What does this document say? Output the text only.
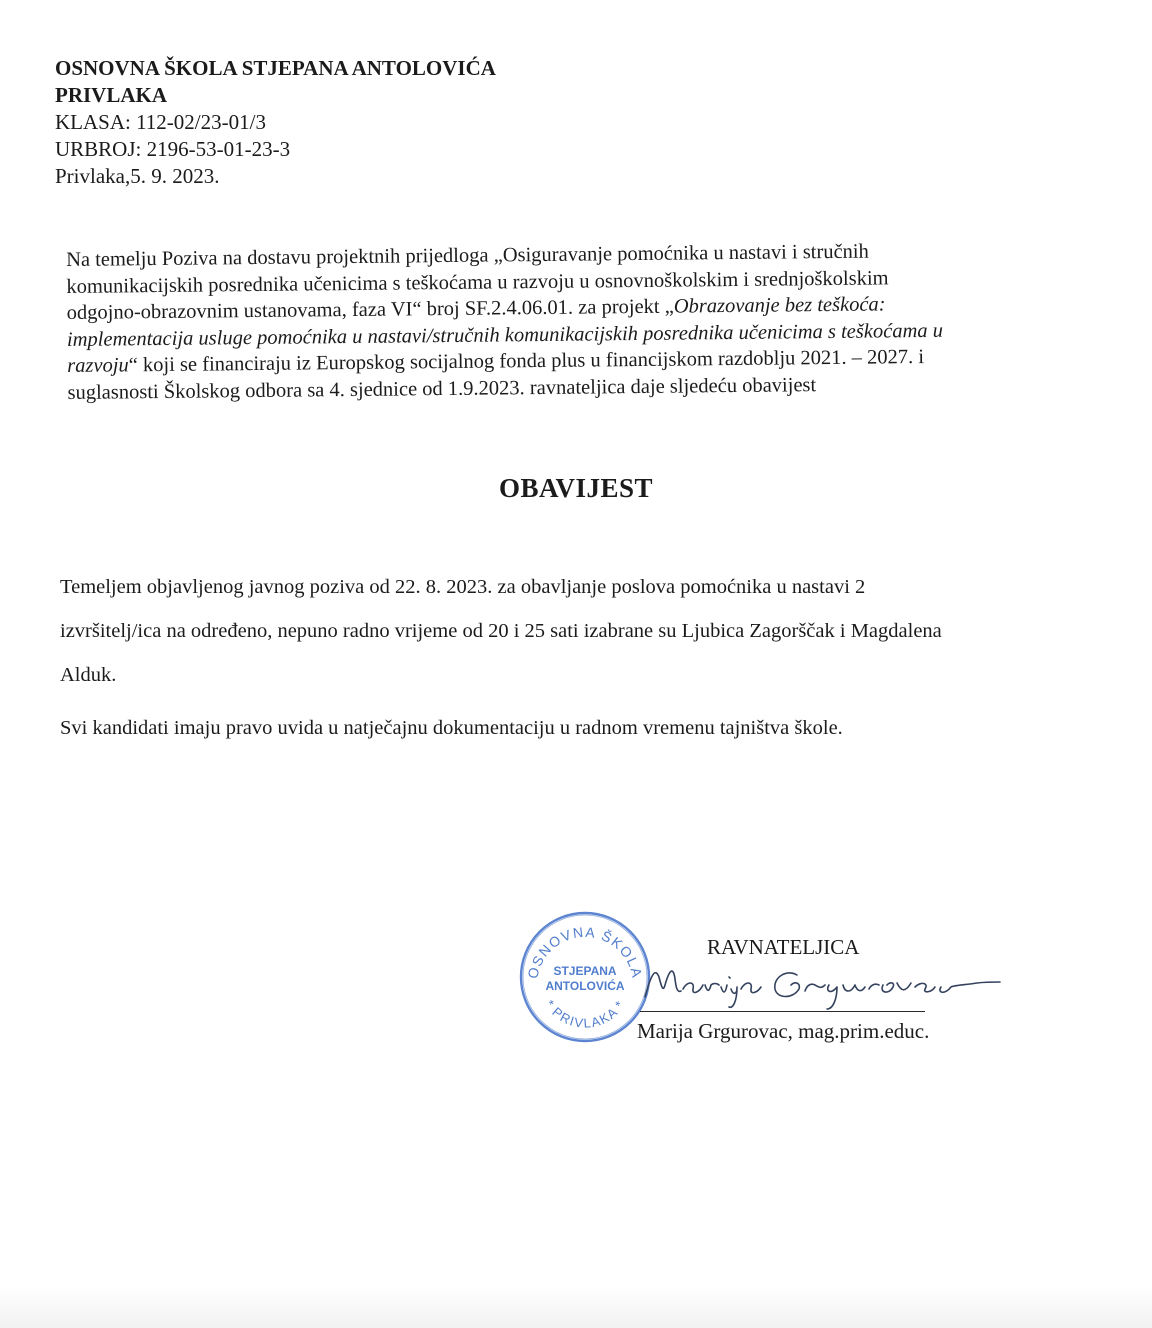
OSNOVNA ŠKOLA STJEPANA ANTOLOVIĆA
PRIVLAKA
KLASA: 112-02/23-01/3
URBROJ: 2196-53-01-23-3
Privlaka,5. 9. 2023.

Na temelju Poziva na dostavu projektnih prijedloga „Osiguravanje pomoćnika u nastavi i stručnih

komunikacijskih posrednika učenicima s teškoćama u razvoju u osnovnoškolskim i srednjoškolskim

odgojno-obrazovnim ustanovama, faza VI“ broj SF.2.4.06.01. za projekt „Obrazovanje bez teškoća:

implementacija usluge pomoćnika u nastavi/stručnih komunikacijskih posrednika učenicima s teškoćama u

razvoju“ koji se financiraju iz Europskog socijalnog fonda plus u financijskom razdoblju 2021. – 2027. i

suglasnosti Školskog odbora sa 4. sjednice od 1.9.2023. ravnateljica daje sljedeću obavijest

OBAVIJEST

Temeljem objavljenog javnog poziva od 22. 8. 2023. za obavljanje poslova pomoćnika u nastavi 2

izvršitelj/ica na određeno, nepuno radno vrijeme od 20 i 25 sati izabrane su Ljubica Zagorščak i Magdalena

Alduk.

Svi kandidati imaju pravo uvida u natječajnu dokumentaciju u radnom vremenu tajništva škole.
RAVNATELJICA
OSNOVNA ŠKOLA
* PRIVLAKA *
STJEPANA
ANTOLOVIĆA
Marija Grgurovac, mag.prim.educ.
